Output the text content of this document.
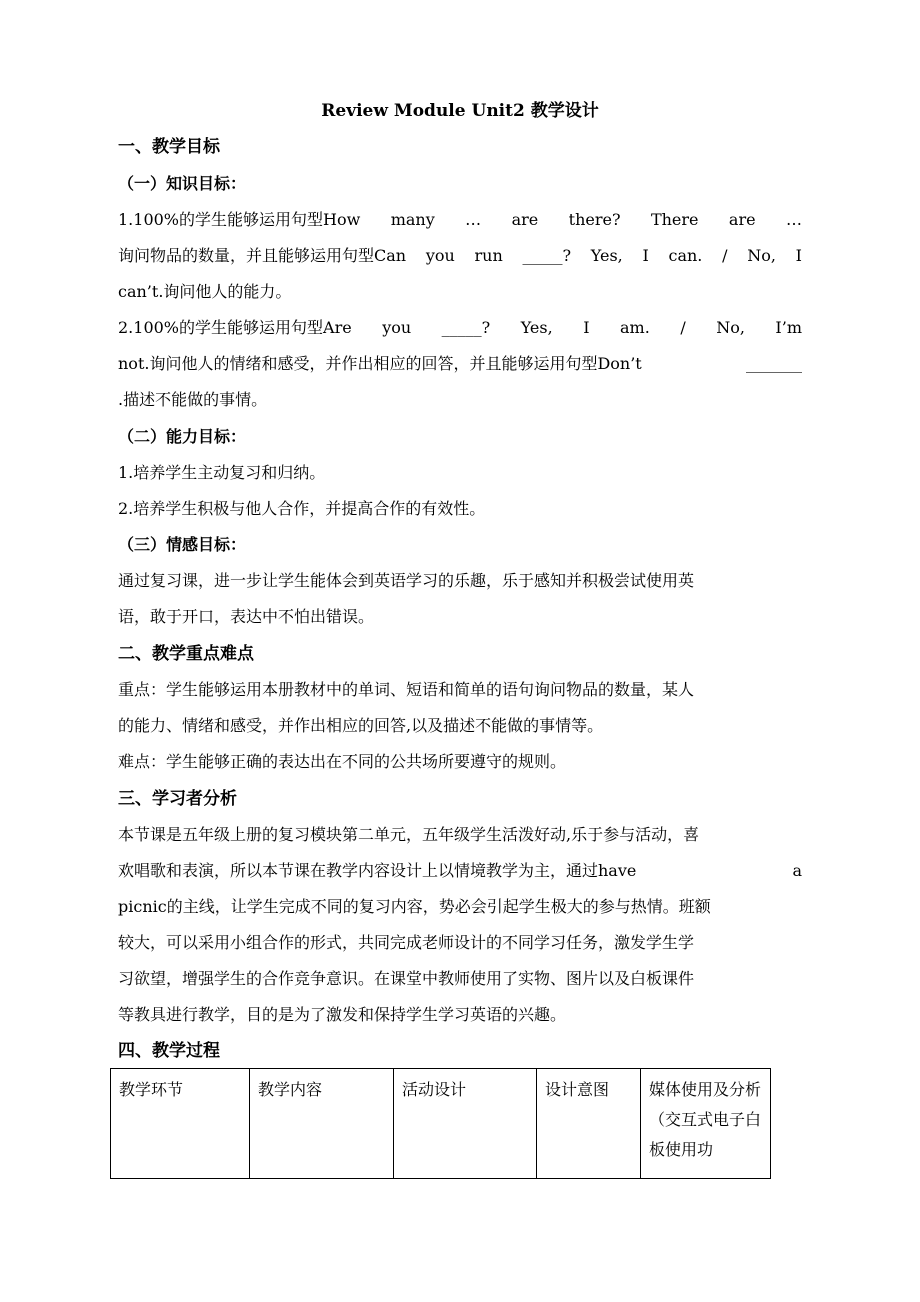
Review Module Unit2 教学设计
一、教学目标
（一）知识目标：
1.100%的学生能够运用句型How many … are there? There are …
询问物品的数量，并且能够运用句型Can you run _____? Yes, I can. / No, I
can’t.询问他人的能力。
2.100%的学生能够运用句型Are you _____? Yes, I am. / No, I’m
not.询问他人的情绪和感受，并作出相应的回答，并且能够运用句型Don’t	_______
.描述不能做的事情。
（二）能力目标：
1.培养学生主动复习和归纳。
2.培养学生积极与他人合作，并提高合作的有效性。
（三）情感目标：
通过复习课，进一步让学生能体会到英语学习的乐趣，乐于感知并积极尝试使用英
语，敢于开口，表达中不怕出错误。
二、教学重点难点
重点：学生能够运用本册教材中的单词、短语和简单的语句询问物品的数量，某人
的能力、情绪和感受，并作出相应的回答,以及描述不能做的事情等。
难点：学生能够正确的表达出在不同的公共场所要遵守的规则。
三、学习者分析
本节课是五年级上册的复习模块第二单元，五年级学生活泼好动,乐于参与活动，喜
欢唱歌和表演，所以本节课在教学内容设计上以情境教学为主，通过have	a
picnic的主线，让学生完成不同的复习内容，势必会引起学生极大的参与热情。班额
较大，可以采用小组合作的形式，共同完成老师设计的不同学习任务，激发学生学
习欲望，增强学生的合作竞争意识。在课堂中教师使用了实物、图片以及白板课件
等教具进行教学，目的是为了激发和保持学生学习英语的兴趣。
四、教学过程
教学环节	教学内容	活动设计	设计意图	媒体使用及分析（交互式电子白板使用功
